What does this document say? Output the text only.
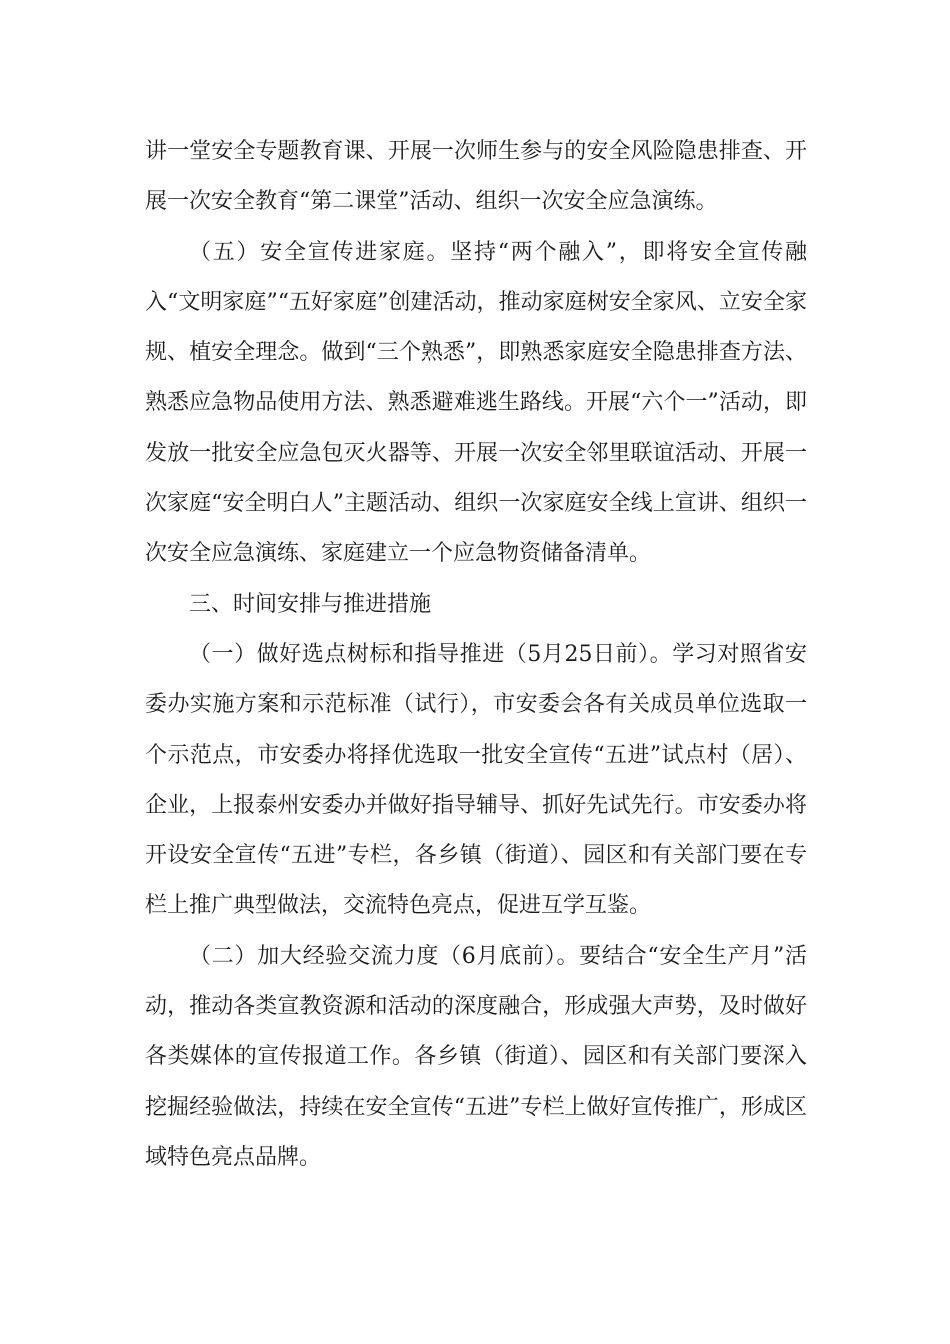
讲一堂安全专题教育课、开展一次师生参与的安全风险隐患排查、开展一次安全教育“第二课堂”活动、组织一次安全应急演练。

（五）安全宣传进家庭。坚持“两个融入”，即将安全宣传融入“文明家庭”“五好家庭”创建活动，推动家庭树安全家风、立安全家规、植安全理念。做到“三个熟悉”，即熟悉家庭安全隐患排查方法、熟悉应急物品使用方法、熟悉避难逃生路线。开展“六个一”活动，即发放一批安全应急包灭火器等、开展一次安全邻里联谊活动、开展一次家庭“安全明白人”主题活动、组织一次家庭安全线上宣讲、组织一次安全应急演练、家庭建立一个应急物资储备清单。

三、时间安排与推进措施

（一）做好选点树标和指导推进（5月25日前）。学习对照省安委办实施方案和示范标准（试行），市安委会各有关成员单位选取一个示范点，市安委办将择优选取一批安全宣传“五进”试点村（居）、企业，上报泰州安委办并做好指导辅导、抓好先试先行。市安委办将开设安全宣传“五进”专栏，各乡镇（街道）、园区和有关部门要在专栏上推广典型做法，交流特色亮点，促进互学互鉴。

（二）加大经验交流力度（6月底前）。要结合“安全生产月”活动，推动各类宣教资源和活动的深度融合，形成强大声势，及时做好各类媒体的宣传报道工作。各乡镇（街道）、园区和有关部门要深入挖掘经验做法，持续在安全宣传“五进”专栏上做好宣传推广，形成区域特色亮点品牌。
